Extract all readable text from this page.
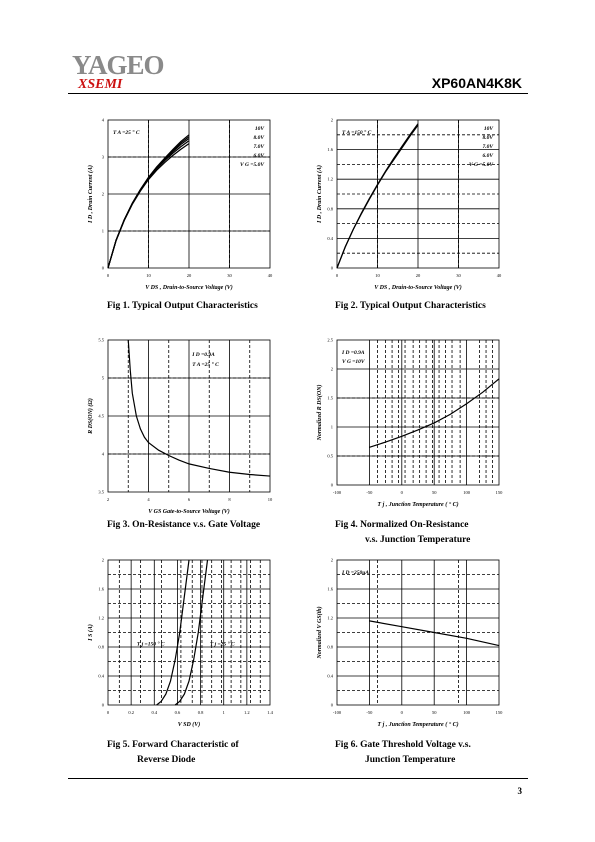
YAGEO
XSEMI	XP60AN4K8K
0	10	20	30	40
0
1
2
3
4
V DS , Drain-to-Source Voltage (V)
I D , Drain Current (A)
T A =25 ° C
10V
8.0V
7.0V
6.0V
V G =5.0V
Fig 1. Typical Output Characteristics
0	10	20	30	40
0
0.4
0.8
1.2
1.6
2
V DS , Drain-to-Source Voltage (V)
I D , Drain Current (A)
T A =150 ° C
10V
8.0V
7.0V
6.0V
V G =5.0V
Fig 2. Typical Output Characteristics
2	4	6	8	10
3.5
4
4.5
5
5.5
V GS Gate-to-Source Voltage (V)
R DS(ON) (Ω)
I D =0.9A
T A =25 ° C
Fig 3. On-Resistance v.s. Gate Voltage
-100	-50	0	50	100	150
0
0.5
1
1.5
2
2.5
T j , Junction Temperature ( ° C)
Normalized R DS(ON)
I D =0.9A
V G =10V
Fig 4. Normalized On-Resistance
v.s. Junction Temperature
0	0.2	0.4	0.6	0.8	1	1.2	1.4
0
0.4
0.8
1.2
1.6
2
V SD (V)
I S (A)
T j =150 ° C	T j =25 ° C
Fig 5. Forward Characteristic of
Reverse Diode
-100	-50	0	50	100	150
0
0.4
0.8
1.2
1.6
2
T j , Junction Temperature ( ° C)
Normalized V GS(th)
I D =250uA
Fig 6. Gate Threshold Voltage v.s.
Junction Temperature
3
